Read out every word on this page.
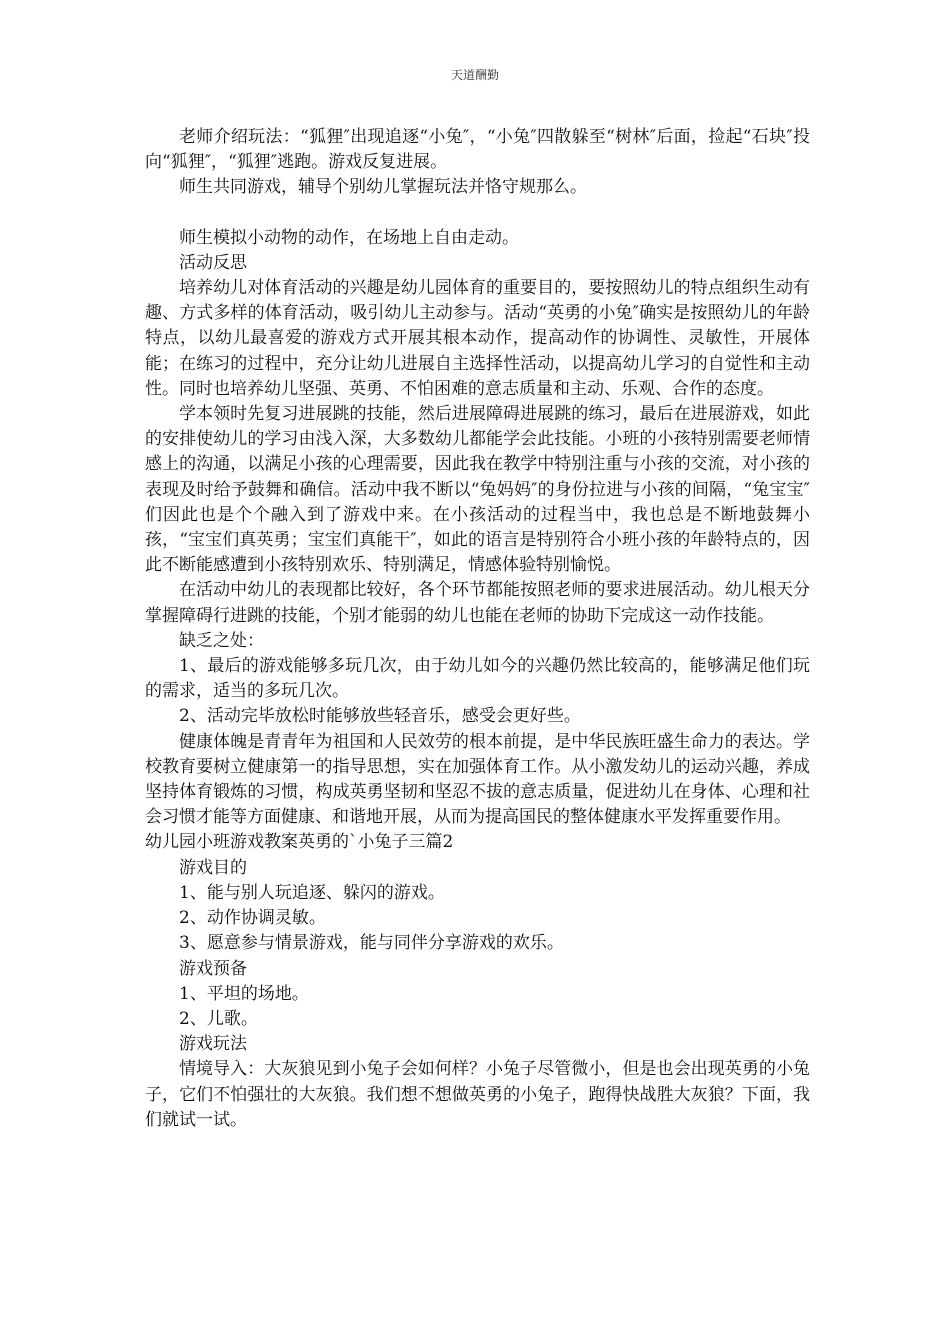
天道酬勤

老师介绍玩法：“狐狸″出现追逐“小兔″，“小兔″四散躲至“树林″后面，捡起“石块″投向“狐狸″，“狐狸″逃跑。游戏反复进展。

师生共同游戏，辅导个别幼儿掌握玩法并恪守规那么。

师生模拟小动物的动作，在场地上自由走动。

活动反思

培养幼儿对体育活动的兴趣是幼儿园体育的重要目的，要按照幼儿的特点组织生动有趣、方式多样的体育活动，吸引幼儿主动参与。活动“英勇的小兔″确实是按照幼儿的年龄特点，以幼儿最喜爱的游戏方式开展其根本动作，提高动作的协调性、灵敏性，开展体能；在练习的过程中，充分让幼儿进展自主选择性活动，以提高幼儿学习的自觉性和主动性。同时也培养幼儿坚强、英勇、不怕困难的意志质量和主动、乐观、合作的态度。

学本领时先复习进展跳的技能，然后进展障碍进展跳的练习，最后在进展游戏，如此的安排使幼儿的学习由浅入深，大多数幼儿都能学会此技能。小班的小孩特别需要老师情感上的沟通，以满足小孩的心理需要，因此我在教学中特别注重与小孩的交流，对小孩的表现及时给予鼓舞和确信。活动中我不断以“兔妈妈″的身份拉进与小孩的间隔，“兔宝宝″们因此也是个个融入到了游戏中来。在小孩活动的过程当中，我也总是不断地鼓舞小孩，“宝宝们真英勇；宝宝们真能干″，如此的语言是特别符合小班小孩的年龄特点的，因此不断能感遭到小孩特别欢乐、特别满足，情感体验特别愉悦。

在活动中幼儿的表现都比较好，各个环节都能按照老师的要求进展活动。幼儿根天分掌握障碍行进跳的技能，个别才能弱的幼儿也能在老师的协助下完成这一动作技能。

缺乏之处：

1、最后的游戏能够多玩几次，由于幼儿如今的兴趣仍然比较高的，能够满足他们玩的需求，适当的多玩几次。

2、活动完毕放松时能够放些轻音乐，感受会更好些。

健康体魄是青青年为祖国和人民效劳的根本前提，是中华民族旺盛生命力的表达。学校教育要树立健康第一的指导思想，实在加强体育工作。从小激发幼儿的运动兴趣，养成坚持体育锻炼的习惯，构成英勇坚韧和坚忍不拔的意志质量，促进幼儿在身体、心理和社会习惯才能等方面健康、和谐地开展，从而为提高国民的整体健康水平发挥重要作用。

幼儿园小班游戏教案英勇的`小兔子三篇2

游戏目的

1、能与别人玩追逐、躲闪的游戏。

2、动作协调灵敏。

3、愿意参与情景游戏，能与同伴分享游戏的欢乐。

游戏预备

1、平坦的场地。

2、儿歌。

游戏玩法

情境导入：大灰狼见到小兔子会如何样？小兔子尽管微小，但是也会出现英勇的小兔子，它们不怕强壮的大灰狼。我们想不想做英勇的小兔子，跑得快战胜大灰狼？下面，我们就试一试。
